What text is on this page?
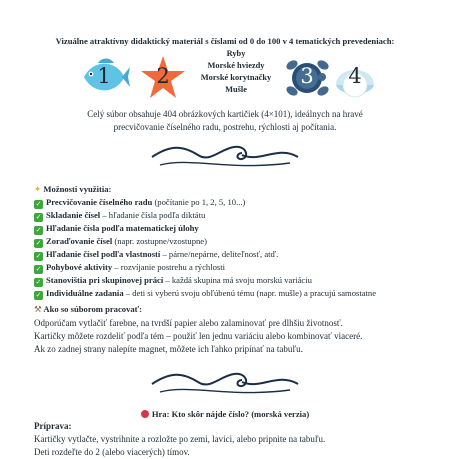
Vizuálne atraktívny didaktický materiál s číslami od 0 do 100 v 4 tematických prevedeniach:
1	2	3	4
Ryby
Morské hviezdy
Morské korytnačky
Mušle
Celý súbor obsahuje 404 obrázkových kartičiek (4×101), ideálnych na hravé precvičovanie číselného radu, postrehu, rýchlosti aj počítania.
✦ Možnosti využitia:
✓ Precvičovanie číselného radu (počítanie po 1, 2, 5, 10...)
✓ Skladanie čísel – hľadanie čísla podľa diktátu
✓ Hľadanie čísla podľa matematickej úlohy
✓ Zoraďovanie čísel (napr. zostupne/vzostupne)
✓ Hľadanie čísel podľa vlastností – párne/nepárne, deliteľnosť, atď.
✓ Pohybové aktivity – rozvíjanie postrehu a rýchlosti
✓ Stanovištia pri skupinovej práci – každá skupina má svoju morskú variáciu
✓ Individuálne zadania – deti si vyberú svoju obľúbenú tému (napr. mušle) a pracujú samostatne
⚒ Ako so súborom pracovať:

Odporúčam vytlačiť farebne, na tvrdší papier alebo zalaminovať pre dlhšiu životnosť.

Kartičky môžete rozdeliť podľa tém – použiť len jednu variáciu alebo kombinovať viaceré.

Ak zo zadnej strany nalepíte magnet, môžete ich ľahko pripínať na tabuľu.

Hra: Kto skôr nájde číslo? (morská verzia)

Príprava:

Kartičky vytlačte, vystrihnite a rozložte po zemi, lavici, alebo pripnite na tabuľu.

Deti rozdeľte do 2 (alebo viacerých) tímov.
